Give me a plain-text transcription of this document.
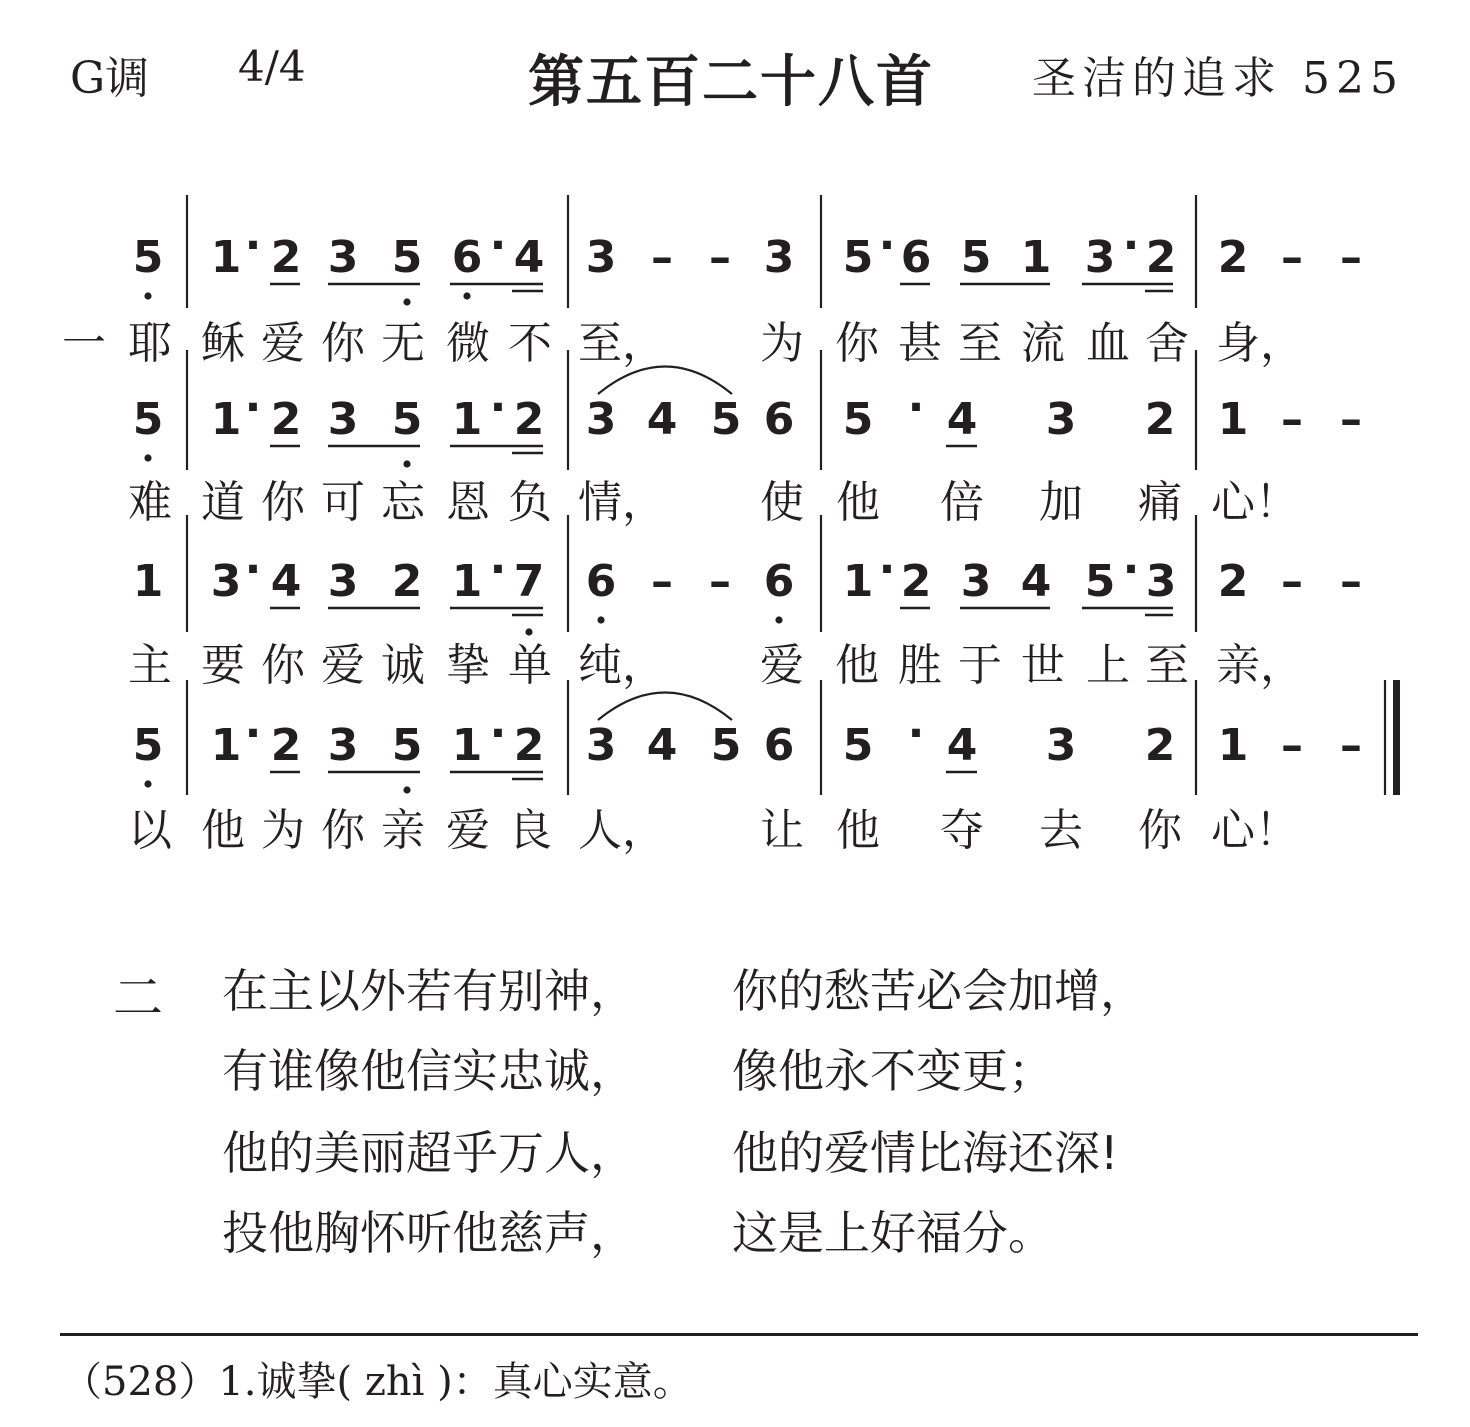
G调 4/4	第五百二十八首 圣洁的追求 525
一
5 1 · 2 3 5 6 · 4 3 – – 3 5 · 6 5 1 3 · 2 2 – –
耶 稣 爱 你 无 微 不 至， 为 你 甚 至 流 血 舍 身，
5 1 · 2 3 5 1 · 2 3 4 5 6 5 · 4 3 2 1 – –
难 道 你 可 忘 恩 负 情， 使 他 倍 加 痛 心！
1 3 · 4 3 2 1 · 7 6 – – 6 1 · 2 3 4 5 · 3 2 – –
主 要 你 爱 诚 挚 单 纯， 爱 他 胜 于 世 上 至 亲，
5 1 · 2 3 5 1 · 2 3 4 5 6 5 · 4 3 2 1 – –
以 他 为 你 亲 爱 良 人， 让 他 夺 去 你 心！
二 在主以外若有别神， 你的愁苦必会加增，
有谁像他信实忠诚， 像他永不变更；
他的美丽超乎万人， 他的爱情比海还深!
投他胸怀听他慈声， 这是上好福分。
（528）1.诚挚( zhì )：真心实意。
